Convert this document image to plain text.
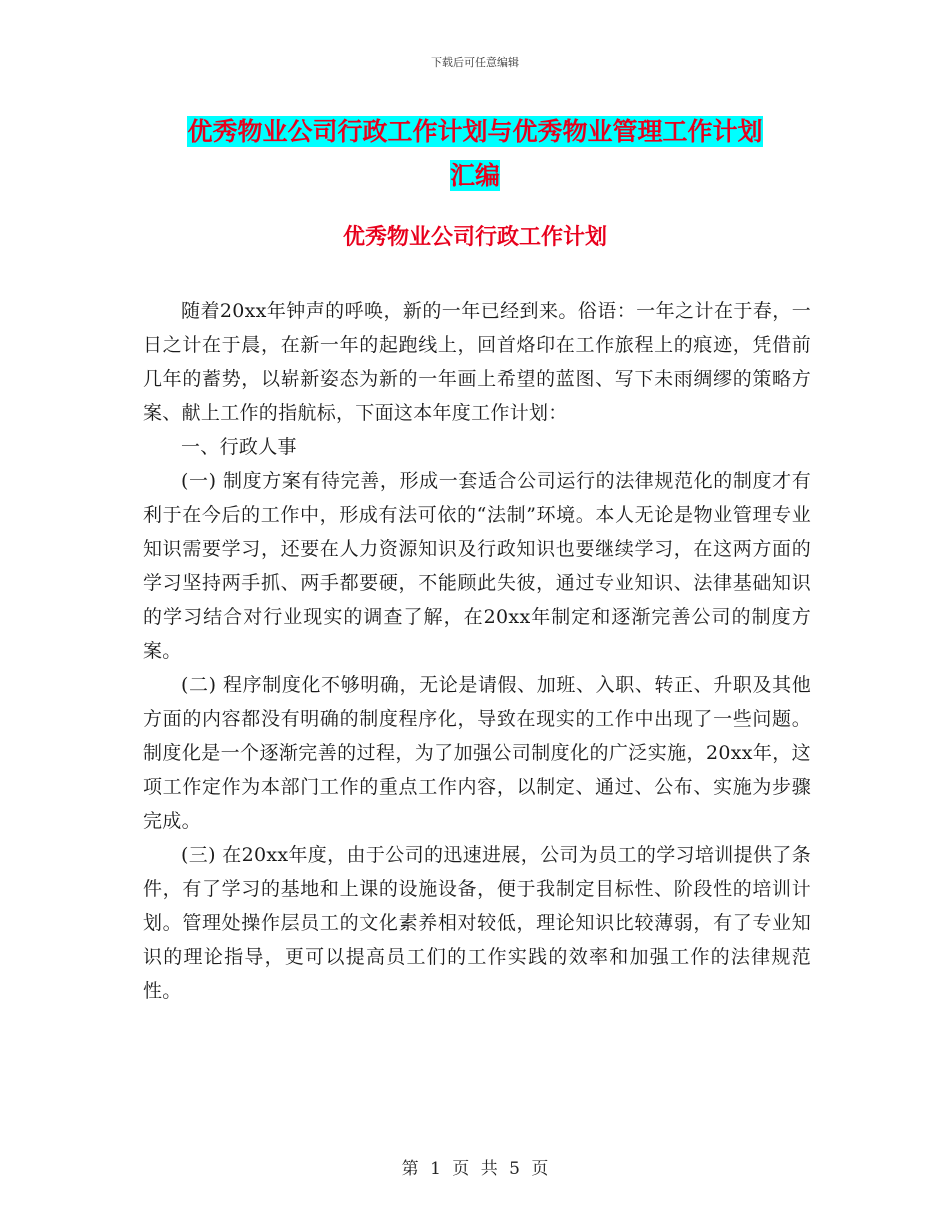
下载后可任意编辑
优秀物业公司行政工作计划与优秀物业管理工作计划
汇编
优秀物业公司行政工作计划

随着20xx年钟声的呼唤，新的一年已经到来。俗语：一年之计在于春，一日之计在于晨，在新一年的起跑线上，回首烙印在工作旅程上的痕迹，凭借前几年的蓄势，以崭新姿态为新的一年画上希望的蓝图、写下未雨绸缪的策略方案、献上工作的指航标，下面这本年度工作计划：

一、行政人事

(一) 制度方案有待完善，形成一套适合公司运行的法律规范化的制度才有利于在今后的工作中，形成有法可依的“法制”环境。本人无论是物业管理专业知识需要学习，还要在人力资源知识及行政知识也要继续学习，在这两方面的学习坚持两手抓、两手都要硬，不能顾此失彼，通过专业知识、法律基础知识的学习结合对行业现实的调查了解，在20xx年制定和逐渐完善公司的制度方案。

(二) 程序制度化不够明确，无论是请假、加班、入职、转正、升职及其他方面的内容都没有明确的制度程序化，导致在现实的工作中出现了一些问题。制度化是一个逐渐完善的过程，为了加强公司制度化的广泛实施，20xx年，这项工作定作为本部门工作的重点工作内容，以制定、通过、公布、实施为步骤完成。

(三) 在20xx年度，由于公司的迅速进展，公司为员工的学习培训提供了条件，有了学习的基地和上课的设施设备，便于我制定目标性、阶段性的培训计划。管理处操作层员工的文化素养相对较低，理论知识比较薄弱，有了专业知识的理论指导，更可以提高员工们的工作实践的效率和加强工作的法律规范性。

第 1 页 共 5 页
